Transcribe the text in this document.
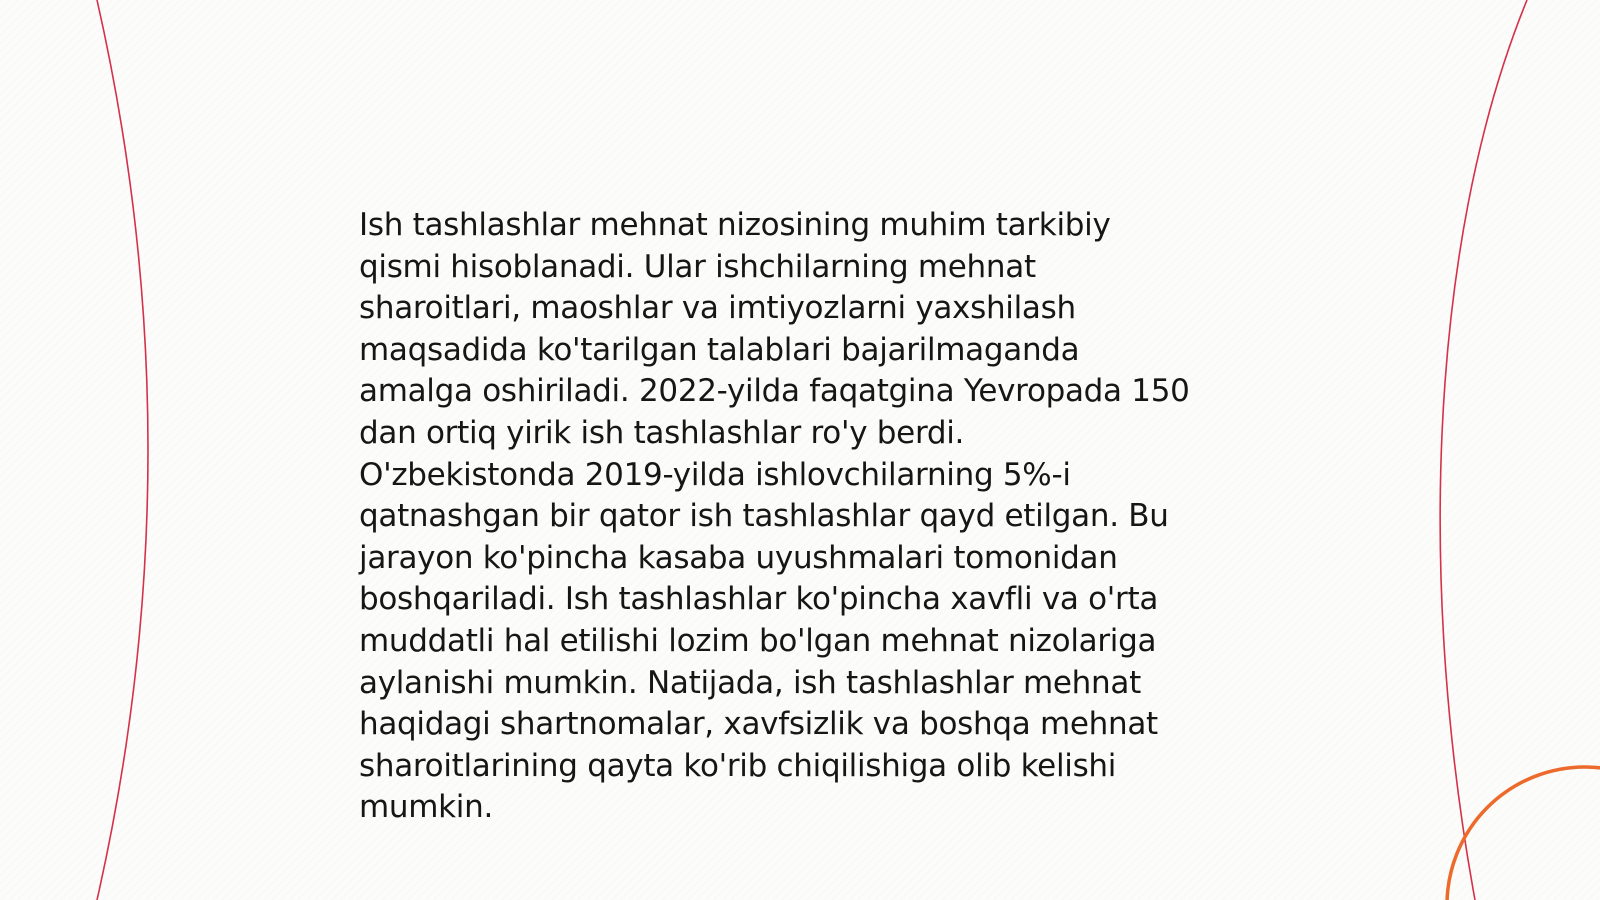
Ish tashlashlar mehnat nizosining muhim tarkibiy
qismi hisoblanadi. Ular ishchilarning mehnat
sharoitlari, maoshlar va imtiyozlarni yaxshilash
maqsadida ko'tarilgan talablari bajarilmaganda
amalga oshiriladi. 2022-yilda faqatgina Yevropada 150
dan ortiq yirik ish tashlashlar ro'y berdi.
O'zbekistonda 2019-yilda ishlovchilarning 5%-i
qatnashgan bir qator ish tashlashlar qayd etilgan. Bu
jarayon ko'pincha kasaba uyushmalari tomonidan
boshqariladi. Ish tashlashlar ko'pincha xavfli va o'rta
muddatli hal etilishi lozim bo'lgan mehnat nizolariga
aylanishi mumkin. Natijada, ish tashlashlar mehnat
haqidagi shartnomalar, xavfsizlik va boshqa mehnat
sharoitlarining qayta ko'rib chiqilishiga olib kelishi
mumkin.
